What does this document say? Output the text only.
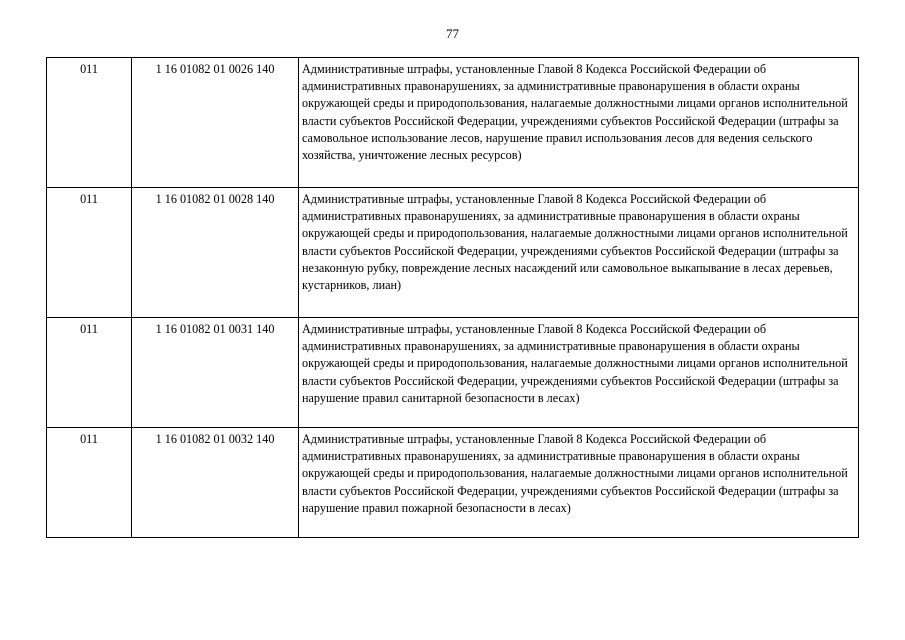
77
011	1 16 01082 01 0026 140	Административные штрафы, установленные Главой 8 Кодекса Российской Федерации об административных правонарушениях, за административные правонарушения в области охраны окружающей среды и природопользования, налагаемые должностными лицами органов исполнительной власти субъектов Российской Федерации, учреждениями субъектов Российской Федерации (штрафы за самовольное использование лесов, нарушение правил использования лесов для ведения сельского хозяйства, уничтожение лесных ресурсов)
011	1 16 01082 01 0028 140	Административные штрафы, установленные Главой 8 Кодекса Российской Федерации об административных правонарушениях, за административные правонарушения в области охраны окружающей среды и природопользования, налагаемые должностными лицами органов исполнительной власти субъектов Российской Федерации, учреждениями субъектов Российской Федерации (штрафы за незаконную рубку, повреждение лесных насаждений или самовольное выкапывание в лесах деревьев, кустарников, лиан)
011	1 16 01082 01 0031 140	Административные штрафы, установленные Главой 8 Кодекса Российской Федерации об административных правонарушениях, за административные правонарушения в области охраны окружающей среды и природопользования, налагаемые должностными лицами органов исполнительной власти субъектов Российской Федерации, учреждениями субъектов Российской Федерации (штрафы за нарушение правил санитарной безопасности в лесах)
011	1 16 01082 01 0032 140	Административные штрафы, установленные Главой 8 Кодекса Российской Федерации об административных правонарушениях, за административные правонарушения в области охраны окружающей среды и природопользования, налагаемые должностными лицами органов исполнительной власти субъектов Российской Федерации, учреждениями субъектов Российской Федерации (штрафы за нарушение правил пожарной безопасности в лесах)
